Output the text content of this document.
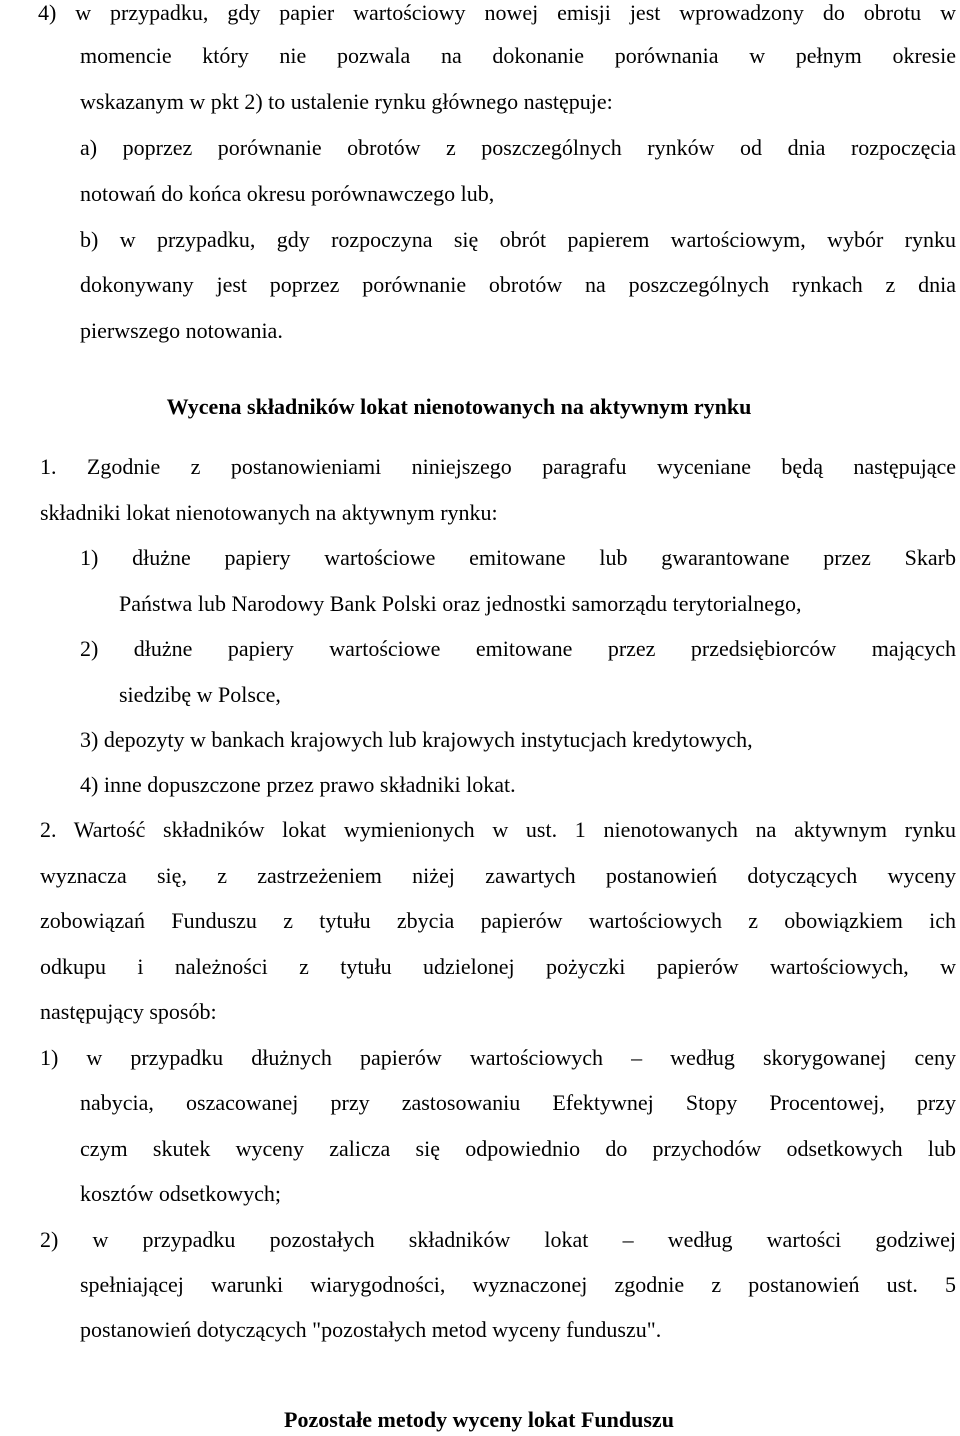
4) w przypadku, gdy papier wartościowy nowej emisji jest wprowadzony do obrotu w
momencie który nie pozwala na dokonanie porównania w pełnym okresie
wskazanym w pkt 2) to ustalenie rynku głównego następuje:
a) poprzez porównanie obrotów z poszczególnych rynków od dnia rozpoczęcia
notowań do końca okresu porównawczego lub,
b) w przypadku, gdy rozpoczyna się obrót papierem wartościowym, wybór rynku
dokonywany jest poprzez porównanie obrotów na poszczególnych rynkach z dnia
pierwszego notowania.
Wycena składników lokat nienotowanych na aktywnym rynku
1. Zgodnie z postanowieniami niniejszego paragrafu wyceniane będą następujące
składniki lokat nienotowanych na aktywnym rynku:
1) dłużne papiery wartościowe emitowane lub gwarantowane przez Skarb
Państwa lub Narodowy Bank Polski oraz jednostki samorządu terytorialnego,
2) dłużne papiery wartościowe emitowane przez przedsiębiorców mających
siedzibę w Polsce,
3) depozyty w bankach krajowych lub krajowych instytucjach kredytowych,
4) inne dopuszczone przez prawo składniki lokat.
2. Wartość składników lokat wymienionych w ust. 1 nienotowanych na aktywnym rynku
wyznacza się, z zastrzeżeniem niżej zawartych postanowień dotyczących wyceny
zobowiązań Funduszu z tytułu zbycia papierów wartościowych z obowiązkiem ich
odkupu i należności z tytułu udzielonej pożyczki papierów wartościowych, w
następujący sposób:
1) w przypadku dłużnych papierów wartościowych – według skorygowanej ceny
nabycia, oszacowanej przy zastosowaniu Efektywnej Stopy Procentowej, przy
czym skutek wyceny zalicza się odpowiednio do przychodów odsetkowych lub
kosztów odsetkowych;
2) w przypadku pozostałych składników lokat – według wartości godziwej
spełniającej warunki wiarygodności, wyznaczonej zgodnie z postanowień ust. 5
postanowień dotyczących "pozostałych metod wyceny funduszu".
Pozostałe metody wyceny lokat Funduszu
